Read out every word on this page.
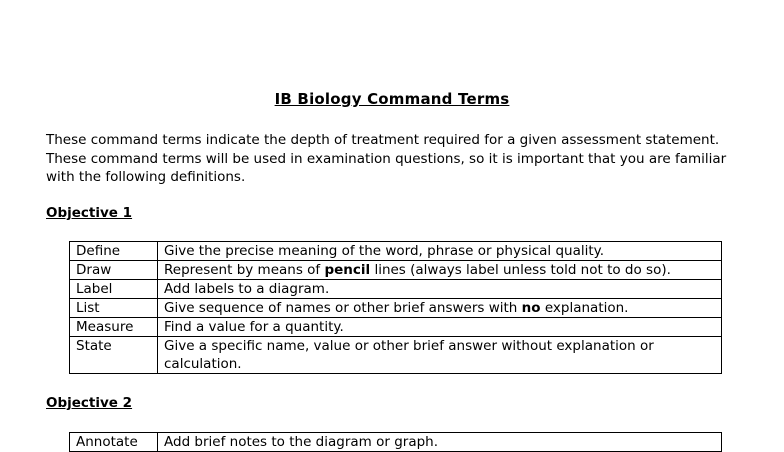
IB Biology Command Terms
These command terms indicate the depth of treatment required for a given assessment statement.
These command terms will be used in examination questions, so it is important that you are familiar
with the following definitions.
Objective 1
Define	Give the precise meaning of the word, phrase or physical quality.
Draw	Represent by means of pencil lines (always label unless told not to do so).
Label	Add labels to a diagram.
List	Give sequence of names or other brief answers with no explanation.
Measure	Find a value for a quantity.
State	Give a specific name, value or other brief answer without explanation or calculation.
Objective 2
Annotate	Add brief notes to the diagram or graph.
